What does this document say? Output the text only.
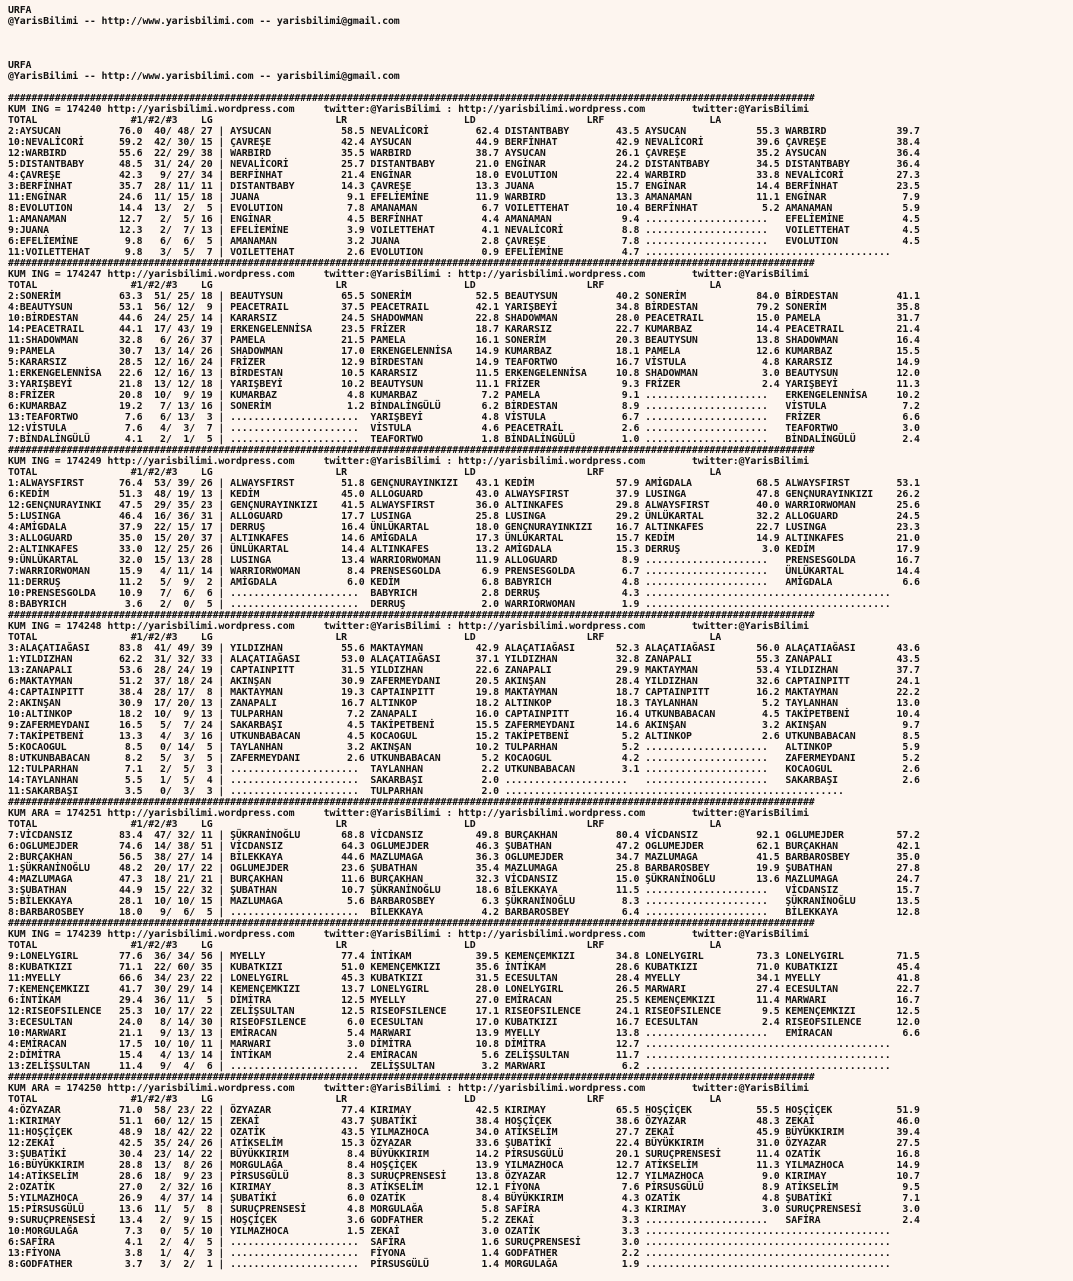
URFA
@YarisBilimi -- http://www.yarisbilimi.com -- yarisbilimi@gmail.com

URFA
@YarisBilimi -- http://www.yarisbilimi.com -- yarisbilimi@gmail.com

##########################################################################################################################################
KUM ING = 174240 http://yarisbilimi.wordpress.com     twitter:@YarisBilimi : http://yarisbilimi.wordpress.com        twitter:@YarisBilimi
TOTAL                #1/#2/#3    LG                     LR                    LD                   LRF                  LA
2:AYSUCAN          76.0  40/ 48/ 27 | AYSUCAN            58.5 NEVALİCORİ        62.4 DISTANTBABY        43.5 AYSUCAN            55.3 WARBIRD            39.7
10:NEVALİCORİ      59.2  42/ 30/ 15 | ÇAVREŞE            42.4 AYSUCAN           44.9 BERFİNHAT          42.9 NEVALİCORİ         39.6 ÇAVREŞE            38.4
12:WARBIRD         55.6  22/ 29/ 38 | WARBIRD            35.5 WARBIRD           38.7 AYSUCAN            26.1 ÇAVREŞE            35.2 AYSUCAN            36.4
5:DISTANTBABY      48.5  31/ 24/ 20 | NEVALİCORİ         25.7 DISTANTBABY       21.0 ENGİNAR            24.2 DISTANTBABY        34.5 DISTANTBABY        36.4
4:ÇAVREŞE          42.3   9/ 27/ 34 | BERFİNHAT          21.4 ENGİNAR           18.0 EVOLUTION          22.4 WARBIRD            33.8 NEVALİCORİ         27.3
3:BERFİNHAT        35.7  28/ 11/ 11 | DISTANTBABY        14.3 ÇAVREŞE           13.3 JUANA              15.7 ENGİNAR            14.4 BERFİNHAT          23.5
11:ENGİNAR         24.6  11/ 15/ 18 | JUANA               9.1 EFELİEMİNE        11.9 WARBIRD            13.3 AMANAMAN           11.1 ENGİNAR             7.9
8:EVOLUTION        14.4  13/  2/  5 | EVOLUTION           7.8 AMANAMAN           6.7 VOILETTEHAT        10.4 BERFİNHAT           5.2 AMANAMAN            5.9
1:AMANAMAN         12.7   2/  5/ 16 | ENGİNAR             4.5 BERFİNHAT          4.4 AMANAMAN            9.4 .....................   EFELİEMİNE          4.5
9:JUANA            12.3   2/  7/ 13 | EFELİEMİNE          3.9 VOILETTEHAT        4.1 NEVALİCORİ          8.8 .....................   VOILETTEHAT         4.5
6:EFELİEMİNE        9.8   6/  6/  5 | AMANAMAN            3.2 JUANA              2.8 ÇAVREŞE             7.8 .....................   EVOLUTION           4.5
11:VOILETTEHAT      9.8   3/  5/  7 | VOILETTEHAT         2.6 EVOLUTION          0.9 EFELİEMİNE          4.7 ..........................................
##########################################################################################################################################
KUM ING = 174247 http://yarisbilimi.wordpress.com     twitter:@YarisBilimi : http://yarisbilimi.wordpress.com        twitter:@YarisBilimi
TOTAL                #1/#2/#3    LG                     LR                    LD                   LRF                  LA
2:SONERİM          63.3  51/ 25/ 18 | BEAUTYSUN          65.5 SONERİM           52.5 BEAUTYSUN          40.2 SONERİM            84.0 BİRDESTAN          41.1
4:BEAUTYSUN        53.1  56/ 12/  9 | PEACETRAIL         37.5 PEACETRAIL        42.1 YARIŞBEYİ          34.8 BİRDESTAN          79.2 SONERİM            35.8
10:BİRDESTAN       44.6  24/ 25/ 14 | KARARSIZ           24.5 SHADOWMAN         22.8 SHADOWMAN          28.0 PEACETRAIL         15.0 PAMELA             31.7
14:PEACETRAIL      44.1  17/ 43/ 19 | ERKENGELENNİSA     23.5 FRİZER            18.7 KARARSIZ           22.7 KUMARBAZ           14.4 PEACETRAIL         21.4
11:SHADOWMAN       32.8   6/ 26/ 37 | PAMELA             21.5 PAMELA            16.1 SONERİM            20.3 BEAUTYSUN          13.8 SHADOWMAN          16.4
9:PAMELA           30.7  13/ 14/ 26 | SHADOWMAN          17.0 ERKENGELENNİSA    14.9 KUMARBAZ           18.1 PAMELA             12.6 KUMARBAZ           15.5
5:KARARSIZ         28.5  12/ 16/ 24 | FRİZER             12.9 BİRDESTAN         14.9 TEAFORTWO          16.7 VİSTULA             4.8 KARARSIZ           14.9
1:ERKENGELENNİSA   22.6  12/ 16/ 13 | BİRDESTAN          10.5 KARARSIZ          11.5 ERKENGELENNİSA     10.8 SHADOWMAN           3.0 BEAUTYSUN          12.0
3:YARIŞBEYİ        21.8  13/ 12/ 18 | YARIŞBEYİ          10.2 BEAUTYSUN         11.1 FRİZER              9.3 FRİZER              2.4 YARIŞBEYİ          11.3
8:FRİZER           20.8  10/  9/ 19 | KUMARBAZ            4.8 KUMARBAZ           7.2 PAMELA              9.1 .....................   ERKENGELENNİSA     10.2
6:KUMARBAZ         19.2   7/ 13/ 16 | SONERİM             1.2 BİNDALİNGÜLÜ       6.2 BİRDESTAN           8.9 .....................   VİSTULA             7.2
13:TEAFORTWO        7.6   6/ 13/  3 | ......................  YARIŞBEYİ          4.8 VİSTULA             6.7 .....................   FRİZER              6.6
12:VİSTULA          7.6   4/  3/  7 | ......................  VİSTULA            4.6 PEACETRAİL          2.6 .....................   TEAFORTWO           3.0
7:BİNDALİNGÜLÜ      4.1   2/  1/  5 | ......................  TEAFORTWO          1.8 BİNDALİNGÜLÜ        1.0 .....................   BİNDALİNGÜLÜ        2.4
##########################################################################################################################################
KUM ING = 174249 http://yarisbilimi.wordpress.com     twitter:@YarisBilimi : http://yarisbilimi.wordpress.com        twitter:@YarisBilimi
TOTAL                #1/#2/#3    LG                     LR                    LD                   LRF                  LA
1:ALWAYSFIRST      76.4  53/ 39/ 26 | ALWAYSFIRST        51.8 GENÇNURAYINKIZI   43.1 KEDİM              57.9 AMİGDALA           68.5 ALWAYSFIRST        53.1
6:KEDİM            51.3  48/ 19/ 13 | KEDİM              45.0 ALLOGUARD         43.0 ALWAYSFIRST        37.9 LUSINGA            47.8 GENÇNURAYINKIZI    26.2
12:GENÇNURAYINKI   47.5  29/ 35/ 23 | GENÇNURAYINKIZI    41.5 ALWAYSFIRST       36.0 ALTINKAFES         29.8 ALWAYSFIRST        40.0 WARRIORWOMAN       25.6
5:LUSINGA          46.4  16/ 36/ 31 | ALLOGUARD          17.7 LUSINGA           25.8 LUSINGA            29.2 ÜNLÜKARTAL         32.2 ALLOGUARD          24.5
4:AMİGDALA         37.9  22/ 15/ 17 | DERRUŞ             16.4 ÜNLÜKARTAL        18.0 GENÇNURAYINKIZI    16.7 ALTINKAFES         22.7 LUSINGA            23.3
3:ALLOGUARD        35.0  15/ 20/ 37 | ALTINKAFES         14.6 AMİGDALA          17.3 ÜNLÜKARTAL         15.7 KEDİM              14.9 ALTINKAFES         21.0
2:ALTINKAFES       33.0  12/ 25/ 26 | ÜNLÜKARTAL         14.4 ALTINKAFES        13.2 AMİGDALA           15.3 DERRUŞ              3.0 KEDİM              17.9
9:ÜNLÜKARTAL       32.0  15/ 13/ 28 | LUSINGA            13.4 WARRIORWOMAN      11.9 ALLOGUARD           8.9 .....................   PRENSESGOLDA       16.7
7:WARRIORWOMAN     15.9   4/ 11/ 14 | WARRIORWOMAN        8.4 PRENSESGOLDA       6.9 PRENSESGOLDA        6.7 .....................   ÜNLÜKARTAL         14.4
11:DERRUŞ          11.2   5/  9/  2 | AMİGDALA            6.0 KEDİM              6.8 BABYRICH            4.8 .....................   AMİGDALA            6.6
10:PRENSESGOLDA    10.9   7/  6/  6 | ......................  BABYRICH           2.8 DERRUŞ              4.3 ..........................................
8:BABYRICH          3.6   2/  0/  5 | ......................  DERRUŞ             2.0 WARRIORWOMAN        1.9 ..........................................
##########################################################################################################################################
KUM ING = 174248 http://yarisbilimi.wordpress.com     twitter:@YarisBilimi : http://yarisbilimi.wordpress.com        twitter:@YarisBilimi
TOTAL                #1/#2/#3    LG                     LR                    LD                   LRF                  LA
3:ALAÇATIAĞASI     83.8  41/ 49/ 39 | YILDIZHAN          55.6 MAKTAYMAN         42.9 ALAÇATIAĞASI       52.3 ALAÇATIAĞASI       56.0 ALAÇATIAĞASI       43.6
1:YILDIZHAN        62.2  31/ 32/ 33 | ALAÇATIAĞASI       53.0 ALAÇATIAĞASI      37.1 YILDIZHAN          32.8 ZANAPALI           55.3 ZANAPALI           43.5
13:ZANAPALI        53.6  28/ 24/ 19 | CAPTAINPITT        31.5 YILDIZHAN         22.6 ZANAPALI           29.9 MAKTAYMAN          53.4 YILDIZHAN          37.7
6:MAKTAYMAN        51.2  37/ 18/ 24 | AKINŞAN            30.9 ZAFERMEYDANI      20.5 AKINŞAN            28.4 YILDIZHAN          32.6 CAPTAINPITT        24.1
4:CAPTAINPITT      38.4  28/ 17/  8 | MAKTAYMAN          19.3 CAPTAINPITT       19.8 MAKTAYMAN          18.7 CAPTAINPITT        16.2 MAKTAYMAN          22.2
2:AKINŞAN          30.9  17/ 20/ 13 | ZANAPALI           16.7 ALTINKOP          18.2 ALTINKOP           18.3 TAYLANHAN           5.2 TAYLANHAN          13.0
10:ALTINKOP        18.2  10/  9/ 13 | TULPARHAN           7.2 ZANAPALI          16.0 CAPTAINPITT        16.4 UTKUNBABACAN        4.5 TAKİPETBENİ        10.4
9:ZAFERMEYDANI     16.5   5/  7/ 24 | SAKARBAŞI           4.5 TAKİPETBENİ       15.5 ZAFERMEYDANI       14.6 AKINŞAN             3.2 AKINŞAN             9.7
7:TAKİPETBENİ      13.3   4/  3/ 16 | UTKUNBABACAN        4.5 KOCAOGUL          15.2 TAKİPETBENİ         5.2 ALTINKOP            2.6 UTKUNBABACAN        8.5
5:KOCAOGUL          8.5   0/ 14/  5 | TAYLANHAN           3.2 AKINŞAN           10.2 TULPARHAN           5.2 .....................   ALTINKOP            5.9
8:UTKUNBABACAN      8.2   5/  3/  5 | ZAFERMEYDANI        2.6 UTKUNBABACAN       5.2 KOCAOGUL            4.2 .....................   ZAFERMEYDANI        5.2
12:TULPARHAN        7.1   2/  5/  3 | ......................  TAYLANHAN          2.2 UTKUNBABACAN        3.1 .....................   KOCAOGUL            2.6
14:TAYLANHAN        5.5   1/  5/  4 | ......................  SAKARBAŞI          2.0 .....................   .....................   SAKARBAŞI           2.6
11:SAKARBAŞI        3.5   0/  3/  3 | ......................  TULPARHAN          2.0 ..........................................................
##########################################################################################################################################
KUM ARA = 174251 http://yarisbilimi.wordpress.com     twitter:@YarisBilimi : http://yarisbilimi.wordpress.com        twitter:@YarisBilimi
TOTAL                #1/#2/#3    LG                     LR                    LD                   LRF                  LA
7:VİCDANSIZ        83.4  47/ 32/ 11 | ŞÜKRANİNOĞLU       68.8 VİCDANSIZ         49.8 BURÇAKHAN          80.4 VİCDANSIZ          92.1 OGLUMEJDER         57.2
6:OGLUMEJDER       74.6  14/ 38/ 51 | VİCDANSIZ          64.3 OGLUMEJDER        46.3 ŞUBATHAN           47.2 OGLUMEJDER         62.1 BURÇAKHAN          42.1
2:BURÇAKHAN        56.5  38/ 27/ 14 | BİLEKKAYA          44.6 MAZLUMAGA         36.3 OGLUMEJDER         34.7 MAZLUMAGA          41.5 BARBAROSBEY        35.0
1:ŞÜKRANİNOĞLU     48.2  20/ 17/ 22 | OGLUMEJDER         23.6 ŞUBATHAN          35.4 MAZLUMAGA          25.8 BARBAROSBEY        19.9 ŞUBATHAN           27.8
4:MAZLUMAGA        47.3  18/ 21/ 21 | BURÇAKHAN          11.6 BURÇAKHAN         32.3 VİCDANSIZ          15.0 ŞÜKRANİNOĞLU       13.6 MAZLUMAGA          24.7
3:ŞUBATHAN         44.9  15/ 22/ 32 | ŞUBATHAN           10.7 ŞÜKRANİNOĞLU      18.6 BİLEKKAYA          11.5 .....................   VİCDANSIZ          15.7
5:BİLEKKAYA        28.1  10/ 10/ 15 | MAZLUMAGA           5.6 BARBAROSBEY        6.3 ŞÜKRANİNOĞLU        8.3 .....................   ŞÜKRANİNOĞLU       13.5
8:BARBAROSBEY      18.0   9/  6/  5 | ......................  BİLEKKAYA          4.2 BARBAROSBEY         6.4 .....................   BİLEKKAYA          12.8
##########################################################################################################################################
KUM ING = 174239 http://yarisbilimi.wordpress.com     twitter:@YarisBilimi : http://yarisbilimi.wordpress.com        twitter:@YarisBilimi
TOTAL                #1/#2/#3    LG                     LR                    LD                   LRF                  LA
9:LONELYGIRL       77.6  36/ 34/ 56 | MYELLY             77.4 İNTİKAM           39.5 KEMENÇEMKIZI       34.8 LONELYGIRL         73.3 LONELYGIRL         71.5
8:KUBATKIZI        71.1  22/ 60/ 35 | KUBATKIZI          51.0 KEMENÇEMKIZI      35.6 İNTİKAM            28.6 KUBATKIZI          71.0 KUBATKIZI          45.4
11:MYELLY          66.6  34/ 23/ 22 | LONELYGIRL         45.3 KUBATKIZI         31.5 ECESULTAN          28.4 MYELLY             34.1 MYELLY             41.8
7:KEMENÇEMKIZI     41.7  30/ 29/ 14 | KEMENÇEMKIZI       13.7 LONELYGIRL        28.0 LONELYGIRL         26.5 MARWARI            27.4 ECESULTAN          22.7
6:İNTİKAM          29.4  36/ 11/  5 | DİMİTRA            12.5 MYELLY            27.0 EMİRACAN           25.5 KEMENÇEMKIZI       11.4 MARWARI            16.7
12:RISEOFSILENCE   25.3  10/ 17/ 22 | ZELİŞSULTAN        12.5 RISEOFSILENCE     17.1 RISEOFSILENCE      24.1 RISEOFSILENCE       9.5 KEMENÇEMKIZI       12.5
3:ECESULTAN        24.0   8/ 14/ 30 | RISEOFSILENCE       6.0 ECESULTAN         17.0 KUBATKIZI          16.7 ECESULTAN           2.4 RISEOFSILENCE      12.0
10:MARWARI         21.1   9/ 13/ 13 | EMİRACAN            5.4 MARWARI           13.9 MYELLY             13.8 .....................   EMİRACAN            6.6
4:EMİRACAN         17.5  10/ 10/ 11 | MARWARI             3.0 DİMİTRA           10.8 DİMİTRA            12.7 ..........................................
2:DİMİTRA          15.4   4/ 13/ 14 | İNTİKAM             2.4 EMİRACAN           5.6 ZELİŞSULTAN        11.7 ..........................................
13:ZELİŞSULTAN     11.4   9/  4/  6 | ......................  ZELİŞSULTAN        3.2 MARWARI             6.2 ..........................................
##########################################################################################################################################
KUM ARA = 174250 http://yarisbilimi.wordpress.com     twitter:@YarisBilimi : http://yarisbilimi.wordpress.com        twitter:@YarisBilimi
TOTAL                #1/#2/#3    LG                     LR                    LD                   LRF                  LA
4:ÖZYAZAR          71.0  58/ 23/ 22 | ÖZYAZAR            77.4 KIRIMAY           42.5 KIRIMAY            65.5 HOŞÇİÇEK           55.5 HOŞÇİÇEK           51.9
1:KIRIMAY          51.1  60/ 12/ 15 | ZEKAİ              43.7 ŞUBATİKİ          38.4 HOŞÇİÇEK           38.6 ÖZYAZAR            48.3 ZEKAİ              46.0
11:HOŞÇİÇEK        48.9  18/ 42/ 22 | OZATİK             43.5 YILMAZHOCA        34.0 ATİKSELİM          27.7 ZEKAİ              45.9 BÜYÜKKIRIM         39.4
12:ZEKAİ           42.5  35/ 24/ 26 | ATİKSELİM          15.3 ÖZYAZAR           33.6 ŞUBATİKİ           22.4 BÜYÜKKIRIM         31.0 ÖZYAZAR            27.5
3:ŞUBATİKİ         30.4  23/ 14/ 22 | BÜYÜKKIRIM          8.4 BÜYÜKKIRIM        14.2 PİRSUSGÜLÜ         20.1 SURUÇPRENSESİ      11.4 OZATİK             16.8
16:BÜYÜKKIRIM      28.8  13/  8/ 26 | MORGULAĞA           8.4 HOŞÇİÇEK          13.9 YILMAZHOCA         12.7 ATİKSELİM          11.3 YILMAZHOCA         14.9
14:ATİKSELİM       28.6  18/  9/ 23 | PİRSUSGÜLÜ          8.3 SURUÇPRENSESİ     13.8 ÖZYAZAR            12.7 YILMAZHOCA          9.0 KIRIMAY            10.7
2:OZATİK           27.0   2/ 32/ 16 | KIRIMAY             8.3 ATİKSELİM         12.1 FİYONA              7.6 PİRSUSGÜLÜ          8.9 ATİKSELİM           9.5
5:YILMAZHOCA       26.9   4/ 37/ 14 | ŞUBATİKİ            6.0 OZATİK             8.4 BÜYÜKKIRIM          4.3 OZATİK              4.8 ŞUBATİKİ            7.1
15:PİRSUSGÜLÜ      13.6  11/  5/  8 | SURUÇPRENSESİ       4.8 MORGULAĞA          5.8 SAFİRA              4.3 KIRIMAY             3.0 SURUÇPRENSESİ       3.0
9:SURUÇPRENSESİ    13.4   2/  9/ 15 | HOŞÇİÇEK            3.6 GODFATHER          5.2 ZEKAİ               3.3 .....................   SAFİRA              2.4
10:MORGULAĞA        7.3   0/  5/ 10 | YILMAZHOCA          1.5 ZEKAİ              3.0 OZATİK              3.3 ..........................................
6:SAFİRA            4.1   2/  4/  5 | ......................  SAFİRA             1.6 SURUÇPRENSESİ       3.0 ..........................................
13:FİYONA           3.8   1/  4/  3 | ......................  FİYONA             1.4 GODFATHER           2.2 ..........................................
8:GODFATHER         3.7   3/  2/  1 | ......................  PİRSUSGÜLÜ         1.4 MORGULAĞA           1.9 ..........................................
